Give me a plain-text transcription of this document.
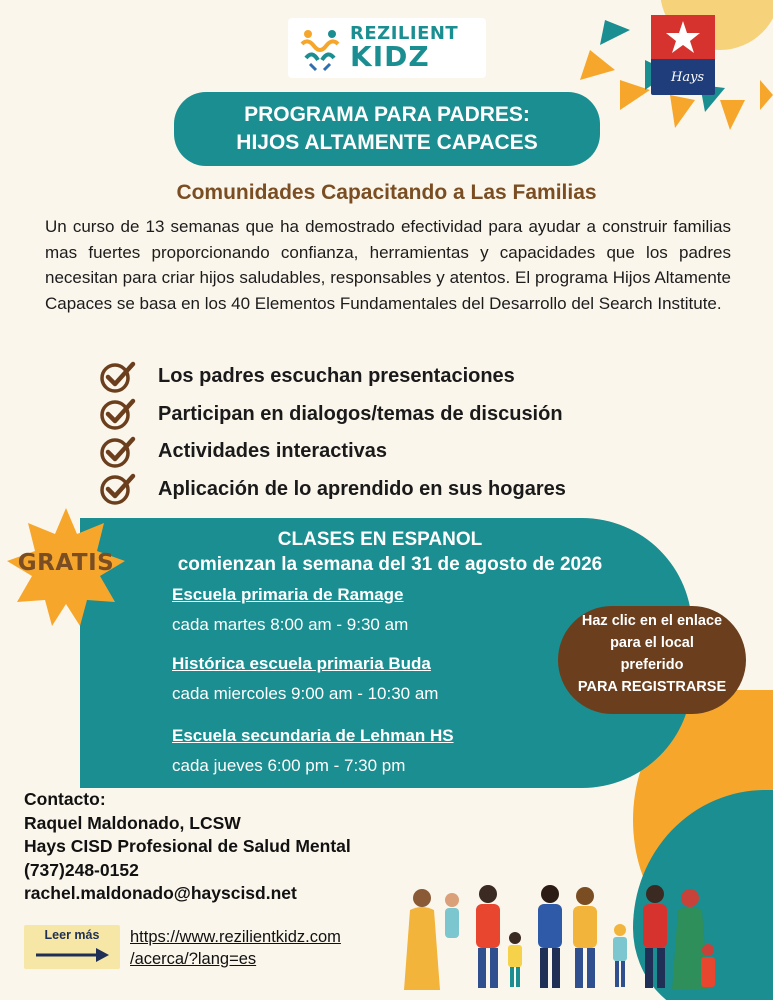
REZILIENT
KIDZ
Hays
PROGRAMA PARA PADRES:
HIJOS ALTAMENTE CAPACES
Comunidades Capacitando a Las Familias
Un curso de 13 semanas que ha demostrado efectividad para ayudar a construir familias mas fuertes proporcionando confianza, herramientas y capacidades que los padres necesitan para criar hijos saludables, responsables y atentos. El programa Hijos Altamente Capaces se basa en los 40 Elementos Fundamentales del Desarrollo del Search Institute.
Los padres escuchan presentaciones
Participan en dialogos/temas de discusión
Actividades interactivas
Aplicación de lo aprendido en sus hogares
CLASES EN ESPANOL
comienzan la semana del 31 de agosto de 2026
Escuela primaria de Ramage
cada martes 8:00 am - 9:30 am
Histórica escuela primaria Buda
cada miercoles 9:00 am - 10:30 am
Escuela secundaria de Lehman HS
cada jueves 6:00 pm - 7:30 pm
GRATIS
Haz clic en el enlace
para el local
preferido
PARA REGISTRARSE
Contacto:
Raquel Maldonado, LCSW
Hays CISD Profesional de Salud Mental
(737)248-0152
rachel.maldonado@hayscisd.net
Leer más	https://www.rezilientkidz.com
/acerca/?lang=es
